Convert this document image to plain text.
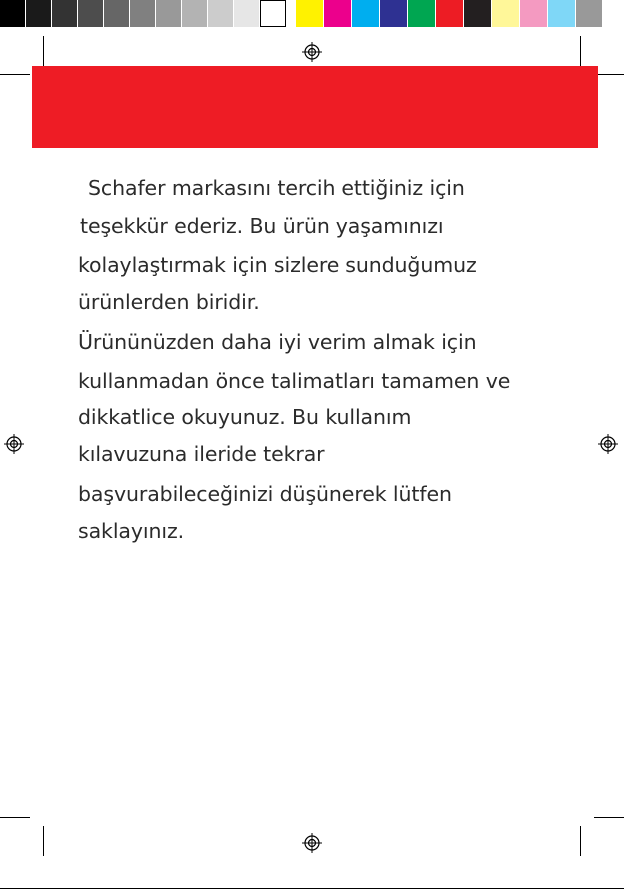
Schafer markasını tercih ettiğiniz için
teşekkür ederiz. Bu ürün yaşamınızı
kolaylaştırmak için sizlere sunduğumuz
ürünlerden biridir.
Ürününüzden daha iyi verim almak için
kullanmadan önce talimatları tamamen ve
dikkatlice okuyunuz. Bu kullanım
kılavuzuna ileride tekrar
başvurabileceğinizi düşünerek lütfen
saklayınız.
